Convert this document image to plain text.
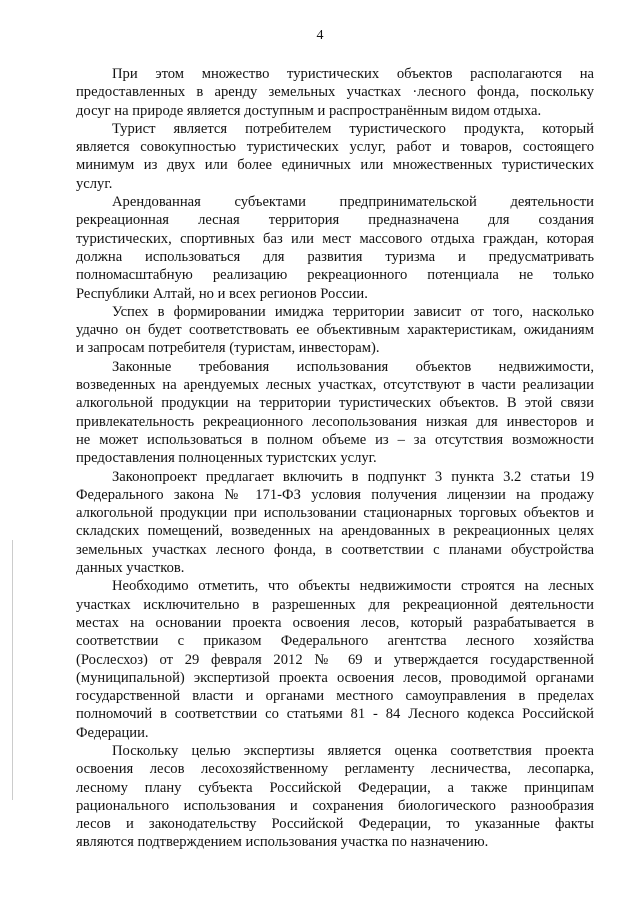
4

При этом множество туристических объектов располагаются на
предоставленных в аренду земельных участках ·лесного фонда, поскольку
досуг на природе является доступным и распространённым видом отдыха.

Турист является потребителем туристического продукта, который
является совокупностью туристических услуг, работ и товаров, состоящего
минимум из двух или более единичных или множественных туристических
услуг.

Арендованная субъектами предпринимательской деятельности
рекреационная лесная территория предназначена для создания
туристических, спортивных баз или мест массового отдыха граждан, которая
должна использоваться для развития туризма и предусматривать
полномасштабную реализацию рекреационного потенциала не только
Республики Алтай, но и всех регионов России.

Успех в формировании имиджа территории зависит от того, насколько
удачно он будет соответствовать ее объективным характеристикам, ожиданиям
и запросам потребителя (туристам, инвесторам).

Законные требования использования объектов недвижимости,
возведенных на арендуемых лесных участках, отсутствуют в части реализации
алкогольной продукции на территории туристических объектов. В этой связи
привлекательность рекреационного лесопользования низкая для инвесторов и
не может использоваться в полном объеме из – за отсутствия возможности
предоставления полноценных туристских услуг.

Законопроект предлагает включить в подпункт 3 пункта 3.2 статьи 19
Федерального закона № 171-ФЗ условия получения лицензии на продажу
алкогольной продукции при использовании стационарных торговых объектов и
складских помещений, возведенных на арендованных в рекреационных целях
земельных участках лесного фонда, в соответствии с планами обустройства
данных участков.

Необходимо отметить, что объекты недвижимости строятся на лесных
участках исключительно в разрешенных для рекреационной деятельности
местах на основании проекта освоения лесов, который разрабатывается в
соответствии с приказом Федерального агентства лесного хозяйства
(Рослесхоз) от 29 февраля 2012 № 69 и утверждается государственной
(муниципальной) экспертизой проекта освоения лесов, проводимой органами
государственной власти и органами местного самоуправления в пределах
полномочий в соответствии со статьями 81 - 84 Лесного кодекса Российской
Федерации.

Поскольку целью экспертизы является оценка соответствия проекта
освоения лесов лесохозяйственному регламенту лесничества, лесопарка,
лесному плану субъекта Российской Федерации, а также принципам
рационального использования и сохранения биологического разнообразия
лесов и законодательству Российской Федерации, то указанные факты
являются подтверждением использования участка по назначению.
